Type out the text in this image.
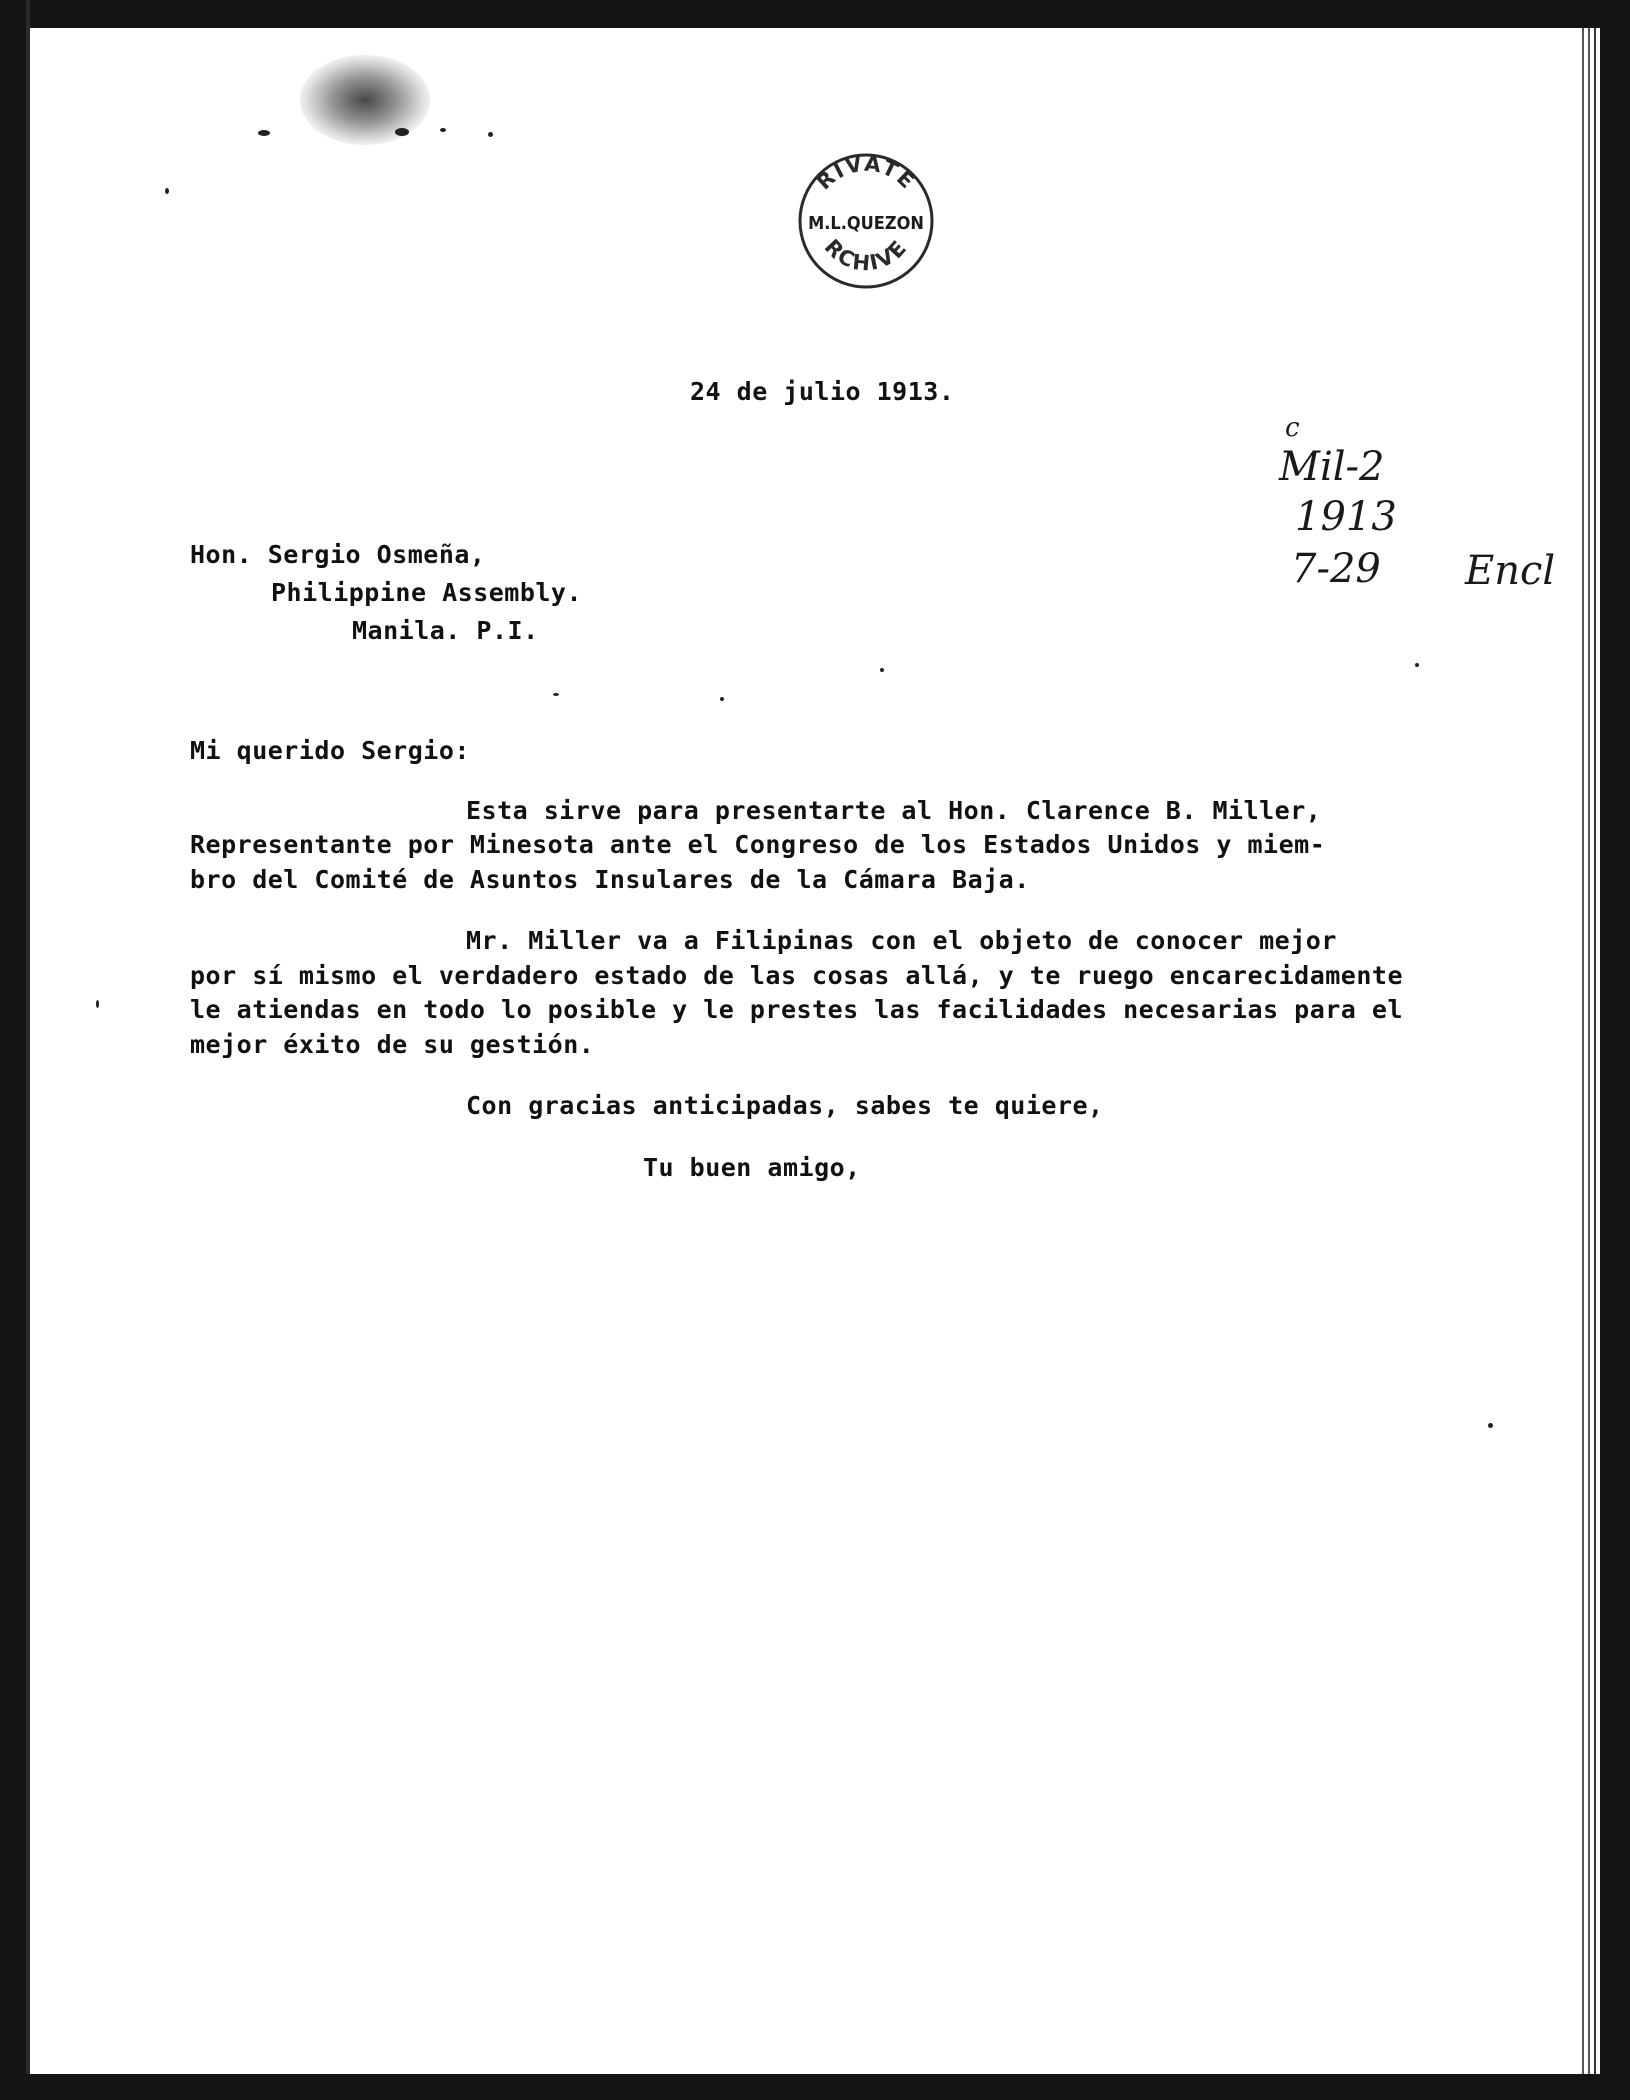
RIVATE
M.L.QUEZON
RCHIVE
24 de julio 1913.
Hon. Sergio Osmeña,
Philippine Assembly.
Manila. P.I.
Mi querido Sergio:
Esta sirve para presentarte al Hon. Clarence B. Miller,
Representante por Minesota ante el Congreso de los Estados Unidos y miem-
bro del Comité de Asuntos Insulares de la Cámara Baja.
Mr. Miller va a Filipinas con el objeto de conocer mejor
por sí mismo el verdadero estado de las cosas allá, y te ruego encarecidamente
le atiendas en todo lo posible y le prestes las facilidades necesarias para el
mejor éxito de su gestión.
Con gracias anticipadas, sabes te quiere,
Tu buen amigo,
c
Mil-2
1913
7-29 Encl
